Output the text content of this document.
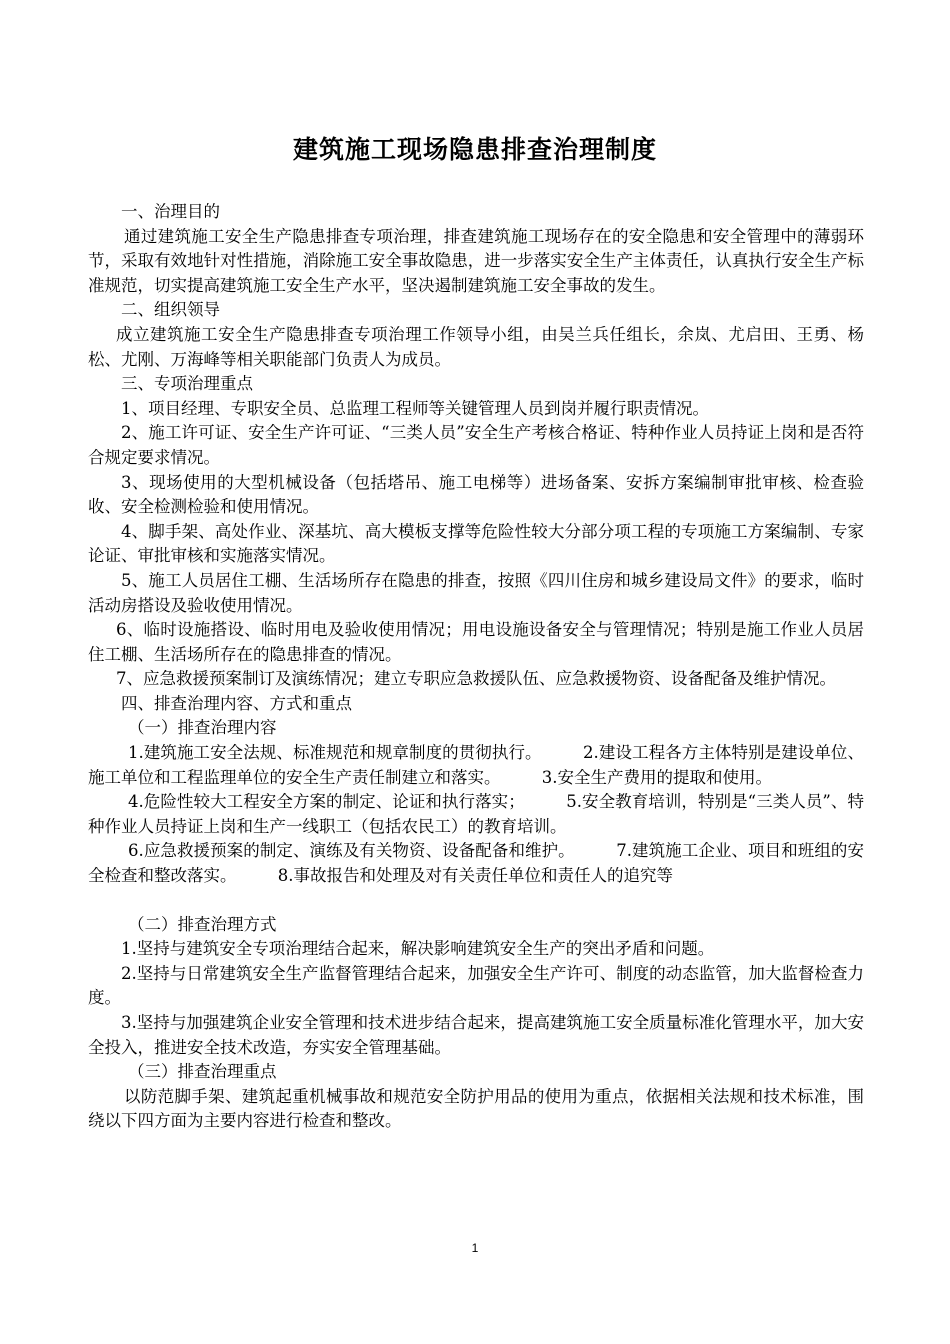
建筑施工现场隐患排查治理制度

一、治理目的

通过建筑施工安全生产隐患排查专项治理，排查建筑施工现场存在的安全隐患和安全管理中的薄弱环节，采取有效地针对性措施，消除施工安全事故隐患，进一步落实安全生产主体责任，认真执行安全生产标准规范，切实提高建筑施工安全生产水平，坚决遏制建筑施工安全事故的发生。

二、组织领导

成立建筑施工安全生产隐患排查专项治理工作领导小组，由吴兰兵任组长，余岚、尤启田、王勇、杨松、尤刚、万海峰等相关职能部门负责人为成员。

三、专项治理重点

1、项目经理、专职安全员、总监理工程师等关键管理人员到岗并履行职责情况。

2、施工许可证、安全生产许可证、“三类人员”安全生产考核合格证、特种作业人员持证上岗和是否符合规定要求情况。

3、现场使用的大型机械设备（包括塔吊、施工电梯等）进场备案、安拆方案编制审批审核、检查验收、安全检测检验和使用情况。

4、脚手架、高处作业、深基坑、高大模板支撑等危险性较大分部分项工程的专项施工方案编制、专家论证、审批审核和实施落实情况。

5、施工人员居住工棚、生活场所存在隐患的排查，按照《四川住房和城乡建设局文件》的要求，临时活动房搭设及验收使用情况。

6、临时设施搭设、临时用电及验收使用情况；用电设施设备安全与管理情况；特别是施工作业人员居住工棚、生活场所存在的隐患排查的情况。

7、应急救援预案制订及演练情况；建立专职应急救援队伍、应急救援物资、设备配备及维护情况。

四、排查治理内容、方式和重点

（一）排查治理内容

1.建筑施工安全法规、标准规范和规章制度的贯彻执行。　　　2.建设工程各方主体特别是建设单位、施工单位和工程监理单位的安全生产责任制建立和落实。　　　3.安全生产费用的提取和使用。

4.危险性较大工程安全方案的制定、论证和执行落实；　　　5.安全教育培训，特别是“三类人员”、特种作业人员持证上岗和生产一线职工（包括农民工）的教育培训。

6.应急救援预案的制定、演练及有关物资、设备配备和维护。　　　7.建筑施工企业、项目和班组的安全检查和整改落实。　　　8.事故报告和处理及对有关责任单位和责任人的追究等

（二）排查治理方式

1.坚持与建筑安全专项治理结合起来，解决影响建筑安全生产的突出矛盾和问题。

2.坚持与日常建筑安全生产监督管理结合起来，加强安全生产许可、制度的动态监管，加大监督检查力度。

3.坚持与加强建筑企业安全管理和技术进步结合起来，提高建筑施工安全质量标准化管理水平，加大安全投入，推进安全技术改造，夯实安全管理基础。

（三）排查治理重点

以防范脚手架、建筑起重机械事故和规范安全防护用品的使用为重点，依据相关法规和技术标准，围绕以下四方面为主要内容进行检查和整改。

1
